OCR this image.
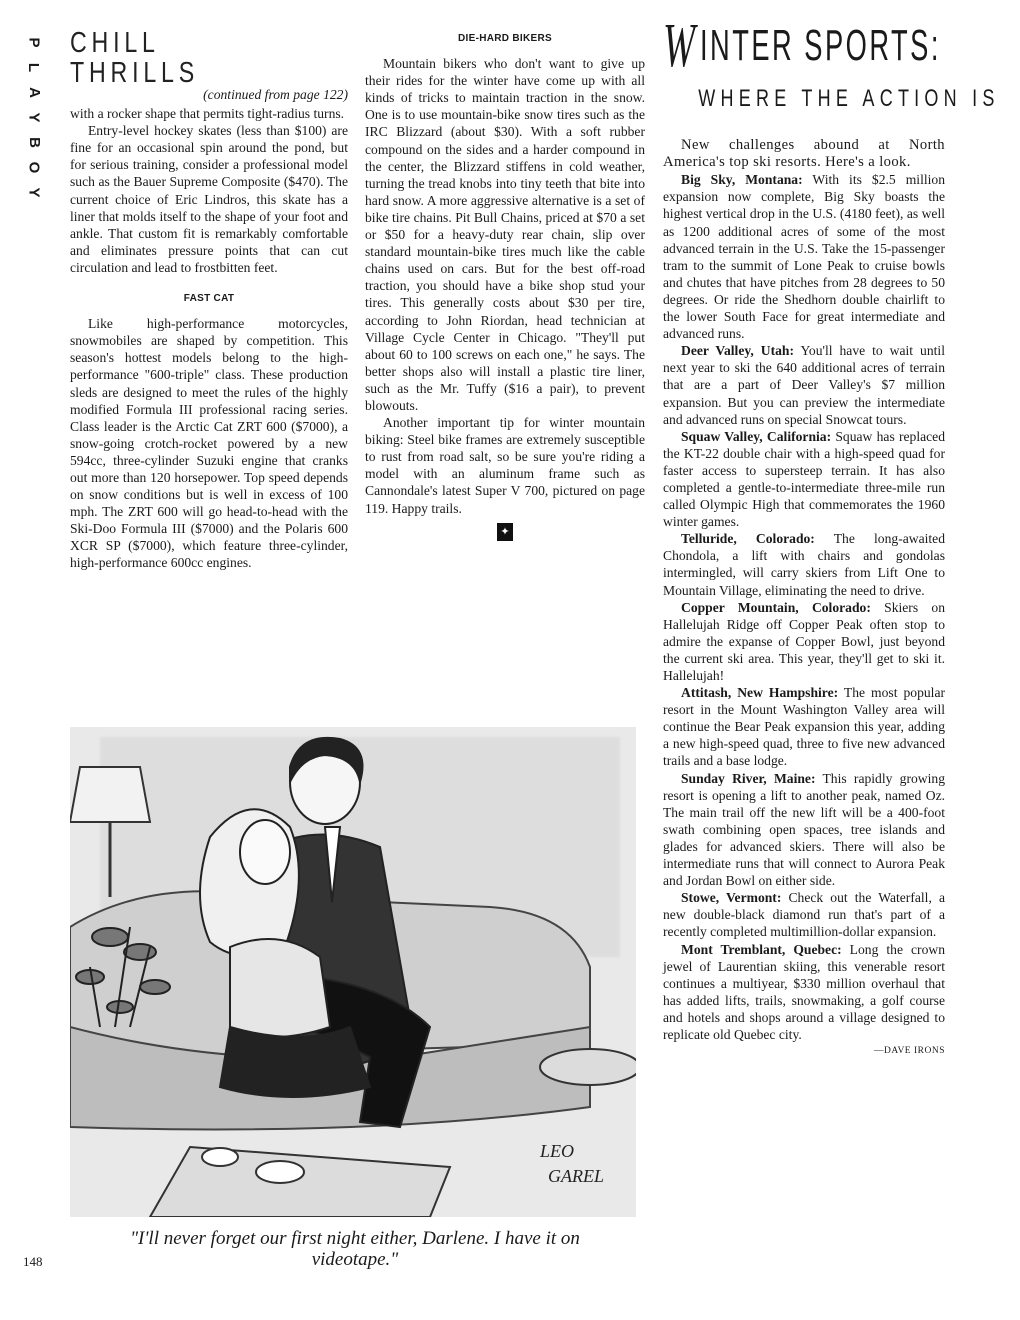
P
L
A
Y
B
O
Y
CHILL THRILLS
(continued from page 122)

with a rocker shape that permits tight-radius turns.

Entry-level hockey skates (less than $100) are fine for an occasional spin around the pond, but for serious training, consider a professional model such as the Bauer Supreme Composite ($470). The current choice of Eric Lindros, this skate has a liner that molds itself to the shape of your foot and ankle. That custom fit is remarkably comfortable and eliminates pressure points that can cut circulation and lead to frostbitten feet.

FAST CAT

Like high-performance motorcycles, snowmobiles are shaped by competition. This season's hottest models belong to the high-performance "600-triple" class. These production sleds are designed to meet the rules of the highly modified Formula III professional racing series. Class leader is the Arctic Cat ZRT 600 ($7000), a snow-going crotch-rocket powered by a new 594cc, three-cylinder Suzuki engine that cranks out more than 120 horsepower. Top speed depends on snow conditions but is well in excess of 100 mph. The ZRT 600 will go head-to-head with the Ski-Doo Formula III ($7000) and the Polaris 600 XCR SP ($7000), which feature three-cylinder, high-performance 600cc engines.

DIE-HARD BIKERS

Mountain bikers who don't want to give up their rides for the winter have come up with all kinds of tricks to maintain traction in the snow. One is to use mountain-bike snow tires such as the IRC Blizzard (about $30). With a soft rubber compound on the sides and a harder compound in the center, the Blizzard stiffens in cold weather, turning the tread knobs into tiny teeth that bite into hard snow. A more aggressive alternative is a set of bike tire chains. Pit Bull Chains, priced at $70 a set or $50 for a heavy-duty rear chain, slip over standard mountain-bike tires much like the cable chains used on cars. But for the best off-road traction, you should have a bike shop stud your tires. This generally costs about $30 per tire, according to John Riordan, head technician at Village Cycle Center in Chicago. "They'll put about 60 to 100 screws on each one," he says. The better shops also will install a plastic tire liner, such as the Mr. Tuffy ($16 a pair), to prevent blowouts.

Another important tip for winter mountain biking: Steel bike frames are extremely susceptible to rust from road salt, so be sure you're riding a model with an aluminum frame such as Cannondale's latest Super V 700, pictured on page 119. Happy trails.

✦
W INTER SPORTS:
WHERE THE ACTION IS

New challenges abound at North America's top ski resorts. Here's a look.

Big Sky, Montana: With its $2.5 million expansion now complete, Big Sky boasts the highest vertical drop in the U.S. (4180 feet), as well as 1200 additional acres of some of the most advanced terrain in the U.S. Take the 15-passenger tram to the summit of Lone Peak to cruise bowls and chutes that have pitches from 28 degrees to 50 degrees. Or ride the Shedhorn double chairlift to the lower South Face for great intermediate and advanced runs.

Deer Valley, Utah: You'll have to wait until next year to ski the 640 additional acres of terrain that are a part of Deer Valley's $7 million expansion. But you can preview the intermediate and advanced runs on special Snowcat tours.

Squaw Valley, California: Squaw has replaced the KT-22 double chair with a high-speed quad for faster access to supersteep terrain. It has also completed a gentle-to-intermediate three-mile run called Olympic High that commemorates the 1960 winter games.

Telluride, Colorado: The long-awaited Chondola, a lift with chairs and gondolas intermingled, will carry skiers from Lift One to Mountain Village, eliminating the need to drive.

Copper Mountain, Colorado: Skiers on Hallelujah Ridge off Copper Peak often stop to admire the expanse of Copper Bowl, just beyond the current ski area. This year, they'll get to ski it. Hallelujah!

Attitash, New Hampshire: The most popular resort in the Mount Washington Valley area will continue the Bear Peak expansion this year, adding a new high-speed quad, three to five new advanced trails and a base lodge.

Sunday River, Maine: This rapidly growing resort is opening a lift to another peak, named Oz. The main trail off the new lift will be a 400-foot swath combining open spaces, tree islands and glades for advanced skiers. There will also be intermediate runs that will connect to Aurora Peak and Jordan Bowl on either side.

Stowe, Vermont: Check out the Waterfall, a new double-black diamond run that's part of a recently completed multimillion-dollar expansion.

Mont Tremblant, Quebec: Long the crown jewel of Laurentian skiing, this venerable resort continues a multiyear, $330 million overhaul that has added lifts, trails, snowmaking, a golf course and hotels and shops around a village designed to replicate old Quebec city.

—DAVE IRONS

LEO
GAREL
"I'll never forget our first night either, Darlene. I have it on videotape."
148
